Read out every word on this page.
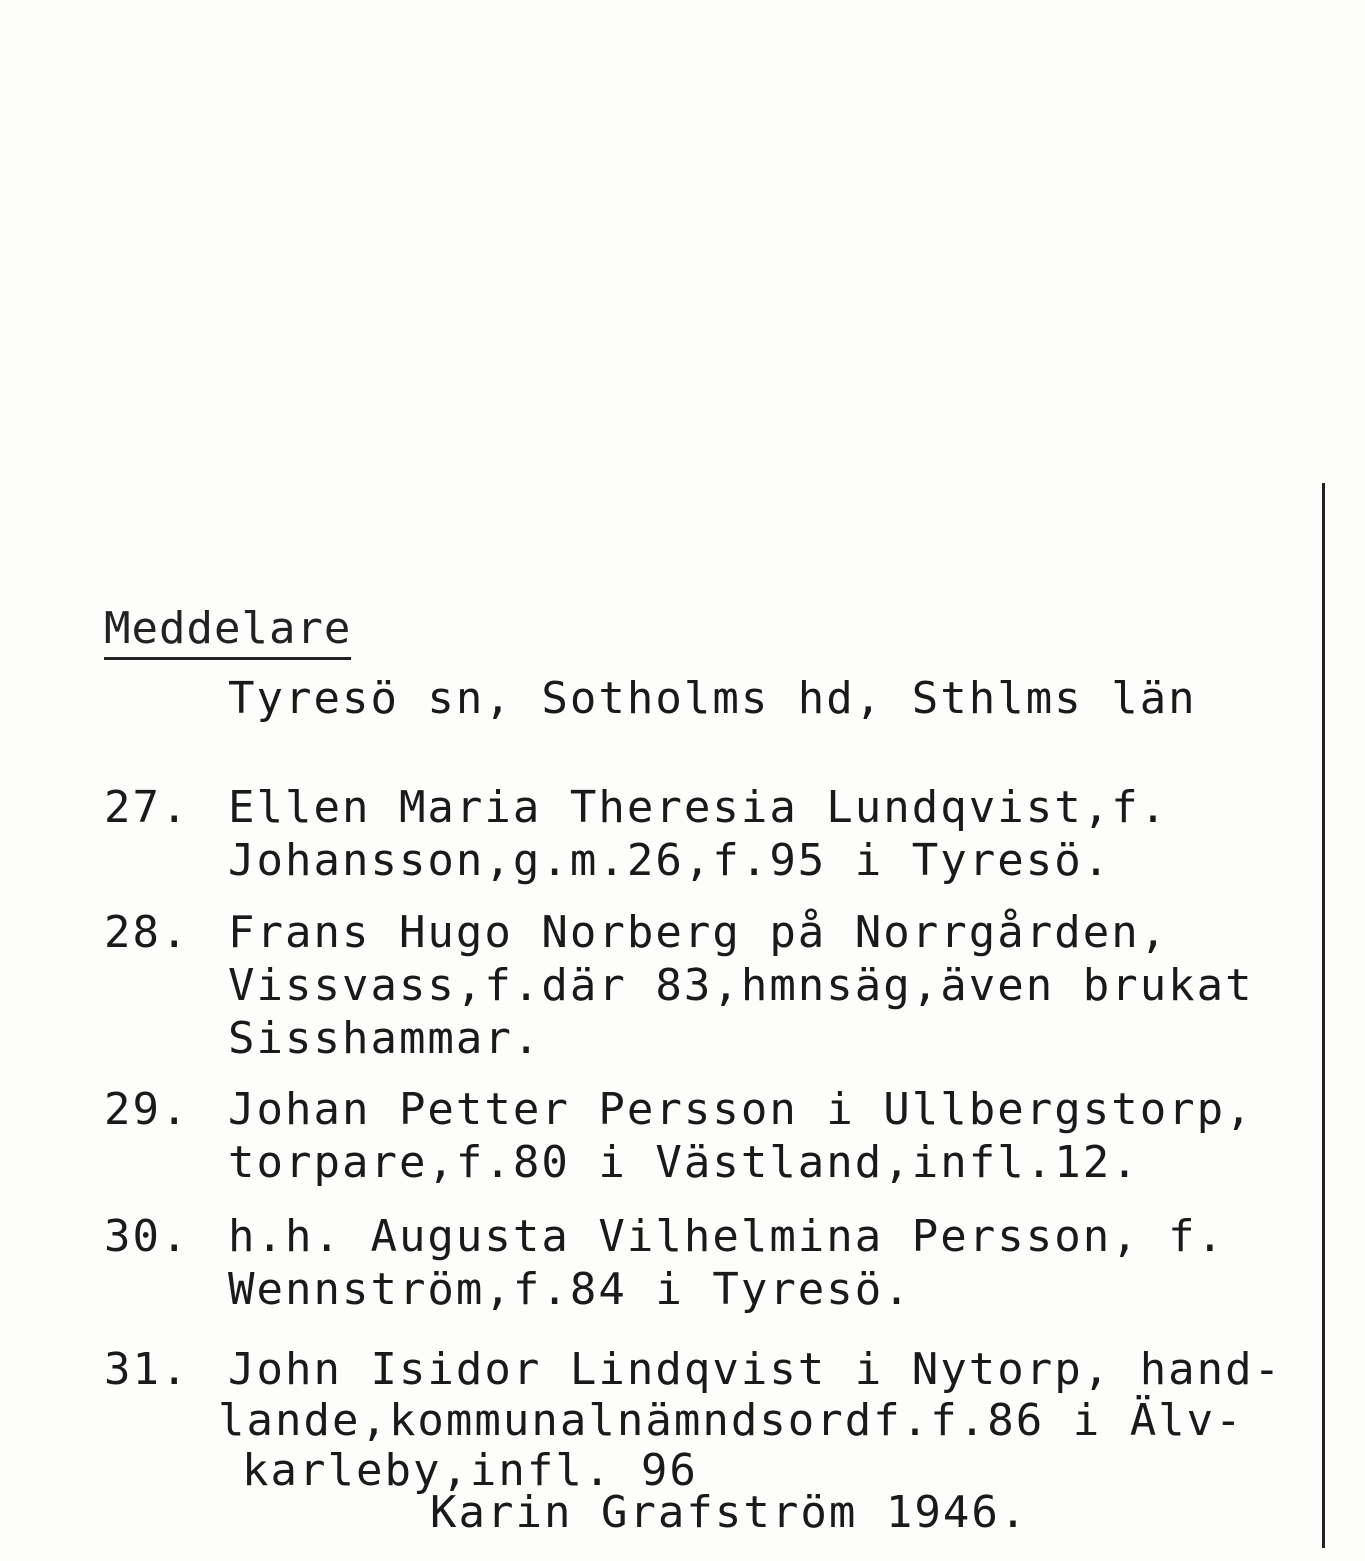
Meddelare
Tyresö sn, Sotholms hd, Sthlms län
27. Ellen Maria Theresia Lundqvist,f.
Johansson,g.m.26,f.95 i Tyresö.
28. Frans Hugo Norberg på Norrgården,
Vissvass,f.där 83,hmnsäg,även brukat
Sisshammar.
29. Johan Petter Persson i Ullbergstorp,
torpare,f.80 i Västland,infl.12.
30. h.h. Augusta Vilhelmina Persson, f.
Wennström,f.84 i Tyresö.
31. John Isidor Lindqvist i Nytorp, hand-
lande,kommunalnämndsordf.f.86 i Älv-
karleby,infl. 96
Karin Grafström 1946.
